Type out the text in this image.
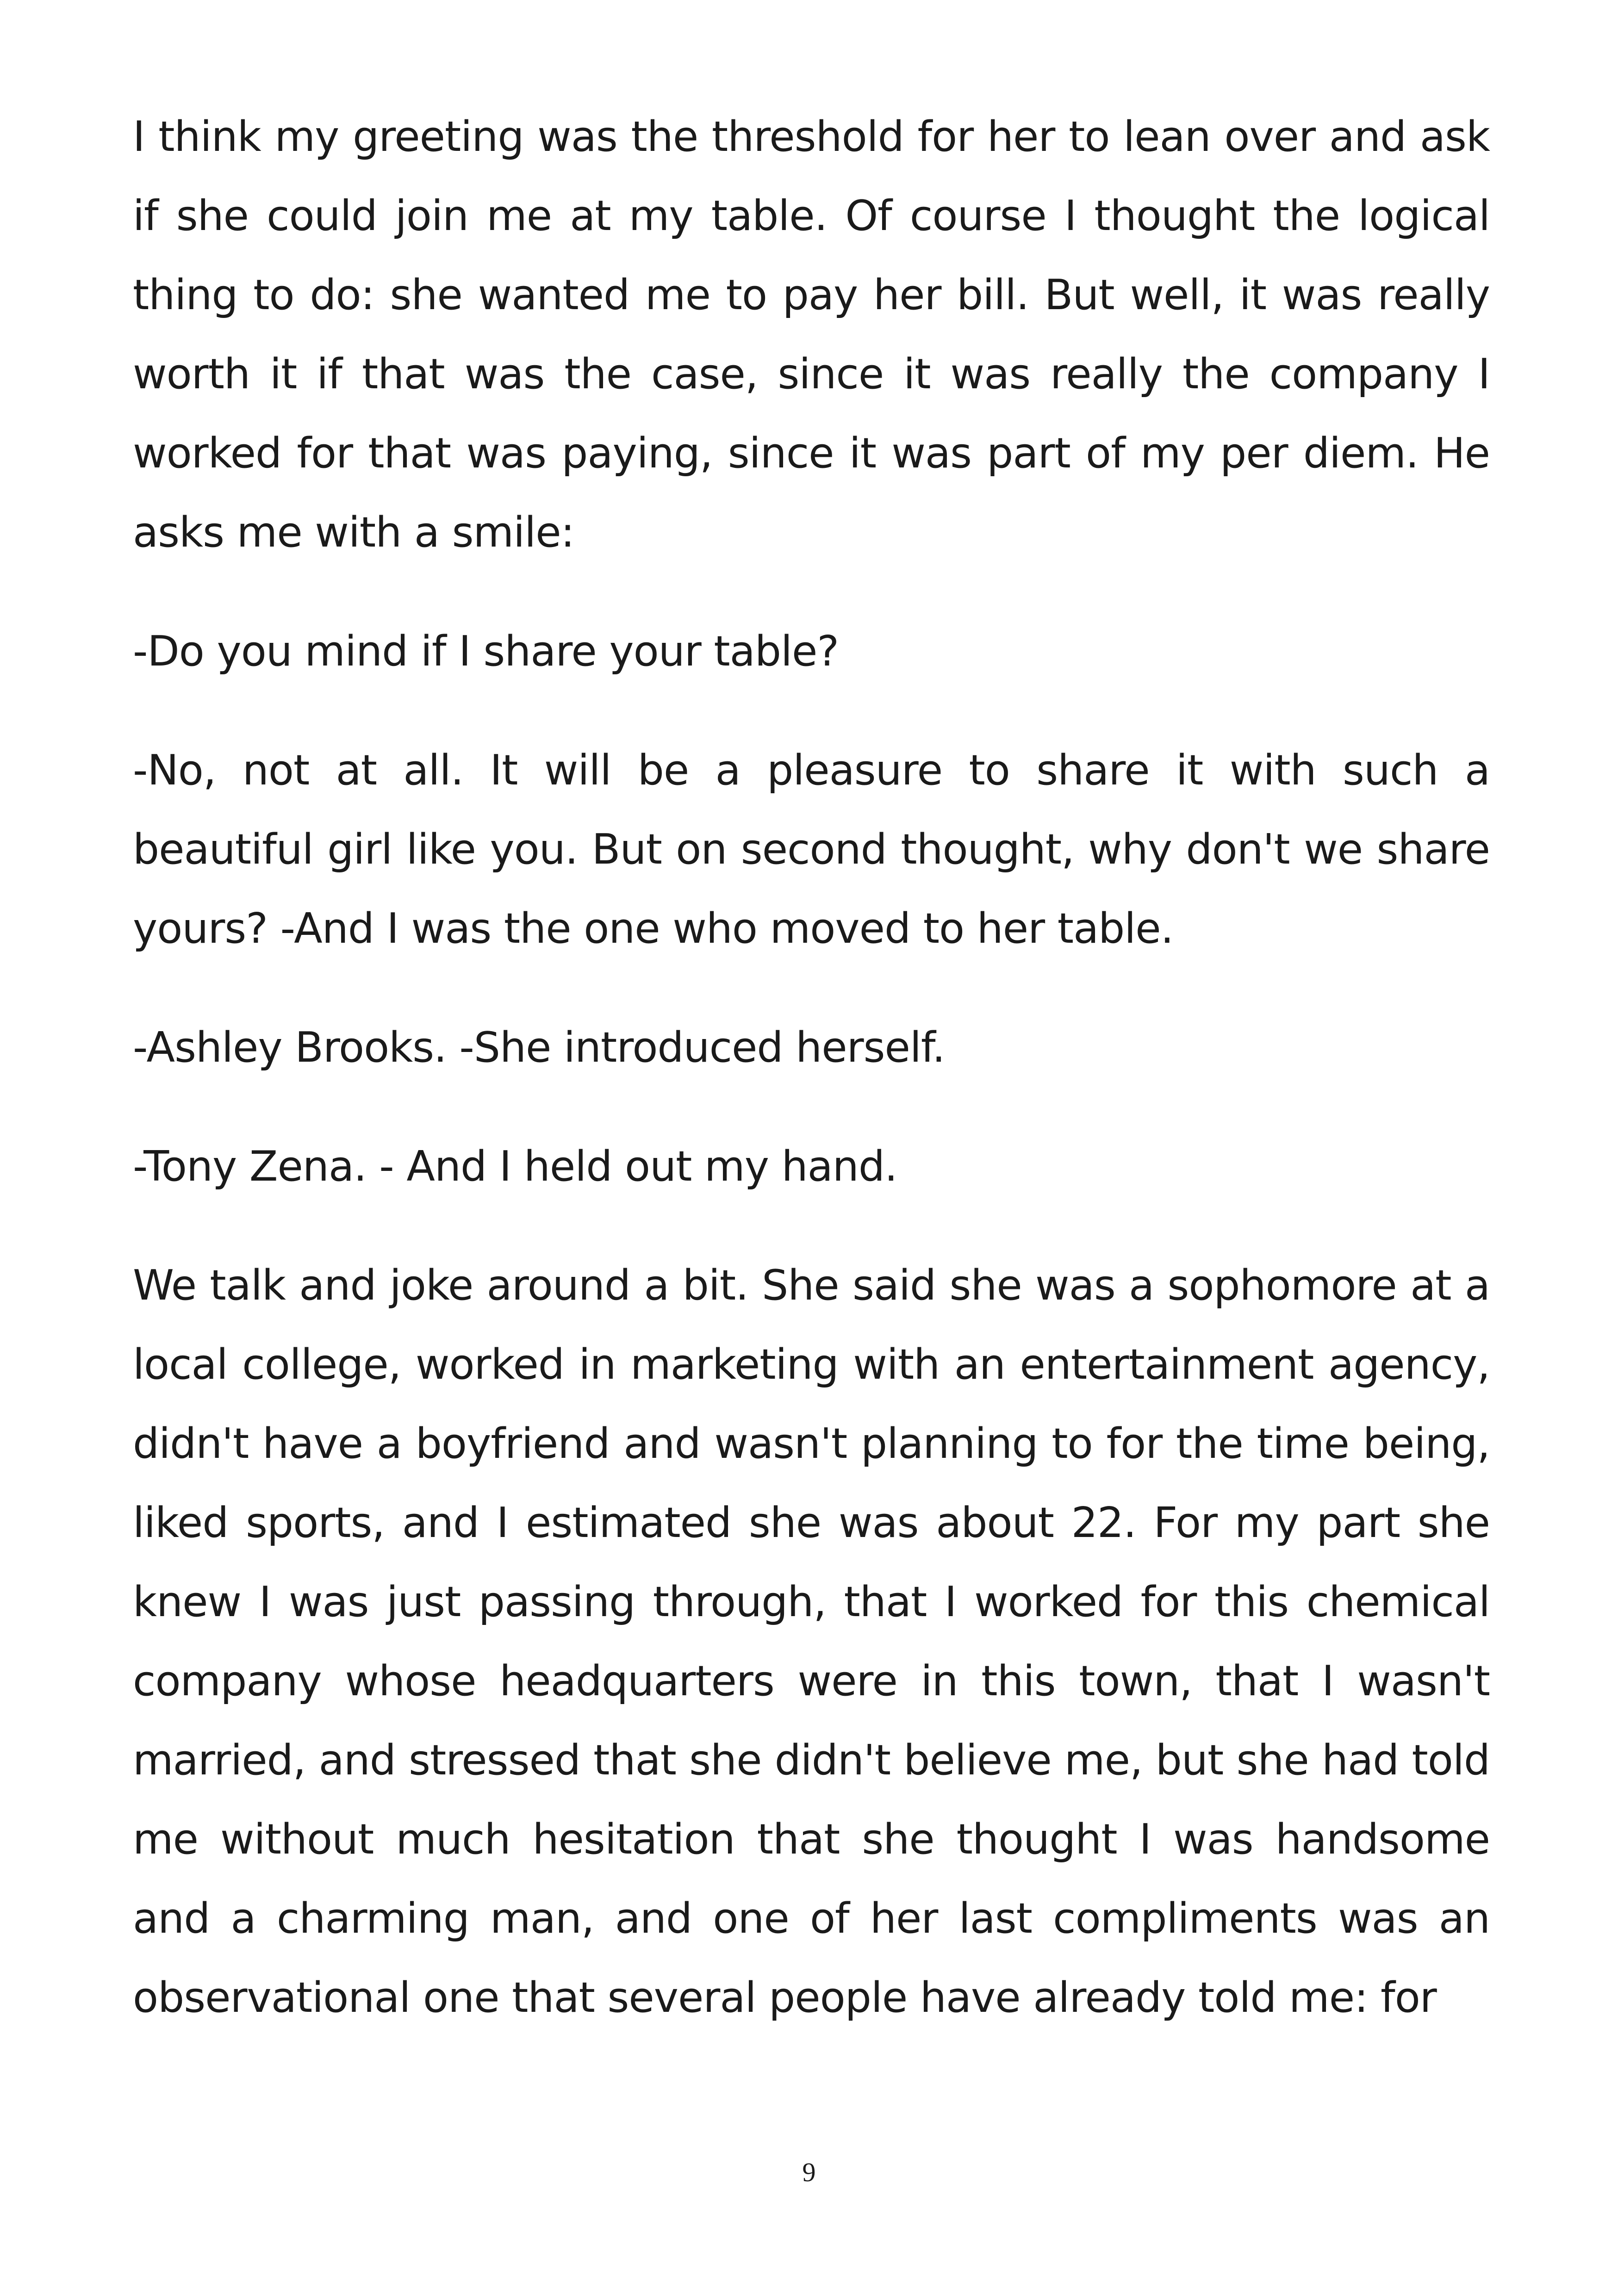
I think my greeting was the threshold for her to lean over and ask if she could join me at my table. Of course I thought the logical thing to do: she wanted me to pay her bill. But well, it was really worth it if that was the case, since it was really the company I worked for that was paying, since it was part of my per diem. He asks me with a smile:

-Do you mind if I share your table?

-No, not at all. It will be a pleasure to share it with such a beautiful girl like you. But on second thought, why don't we share yours? -And I was the one who moved to her table.

-Ashley Brooks. -She introduced herself.

-Tony Zena. - And I held out my hand.

We talk and joke around a bit. She said she was a sophomore at a local college, worked in marketing with an entertainment agency, didn't have a boyfriend and wasn't planning to for the time being, liked sports, and I estimated she was about 22. For my part she knew I was just passing through, that I worked for this chemical company whose headquarters were in this town, that I wasn't married, and stressed that she didn't believe me, but she had told me without much hesitation that she thought I was handsome and a charming man, and one of her last compliments was an observational one that several people have already told me: for

9
